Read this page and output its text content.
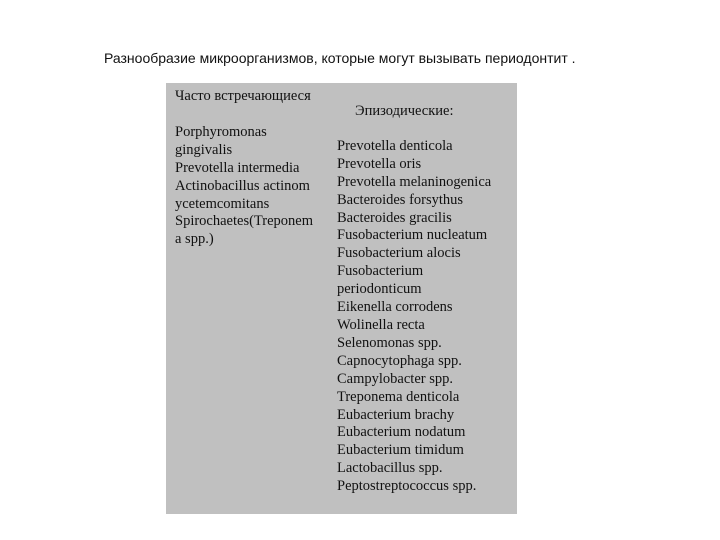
Разнообразие микроорганизмов, которые могут вызывать периодонтит .
Часто встречающиеся
Porphyromonas gingivalis
Prevotella intermedia
Actinobacillus actinomycetemcomitans
Spirochaetes(Treponema spp.)
Эпизодические:
Prevotella denticola
Prevotella oris
Prevotella melaninogenica
Bacteroides forsythus
Bacteroides gracilis
Fusobacterium nucleatum
Fusobacterium alocis
Fusobacterium periodonticum
Eikenella corrodens
Wolinella recta
Selenomonas spp.
Capnocytophaga spp.
Campylobacter spp.
Treponema denticola
Eubacterium brachy
Eubacterium nodatum
Eubacterium timidum
Lactobacillus spp.
Peptostreptococcus spp.
